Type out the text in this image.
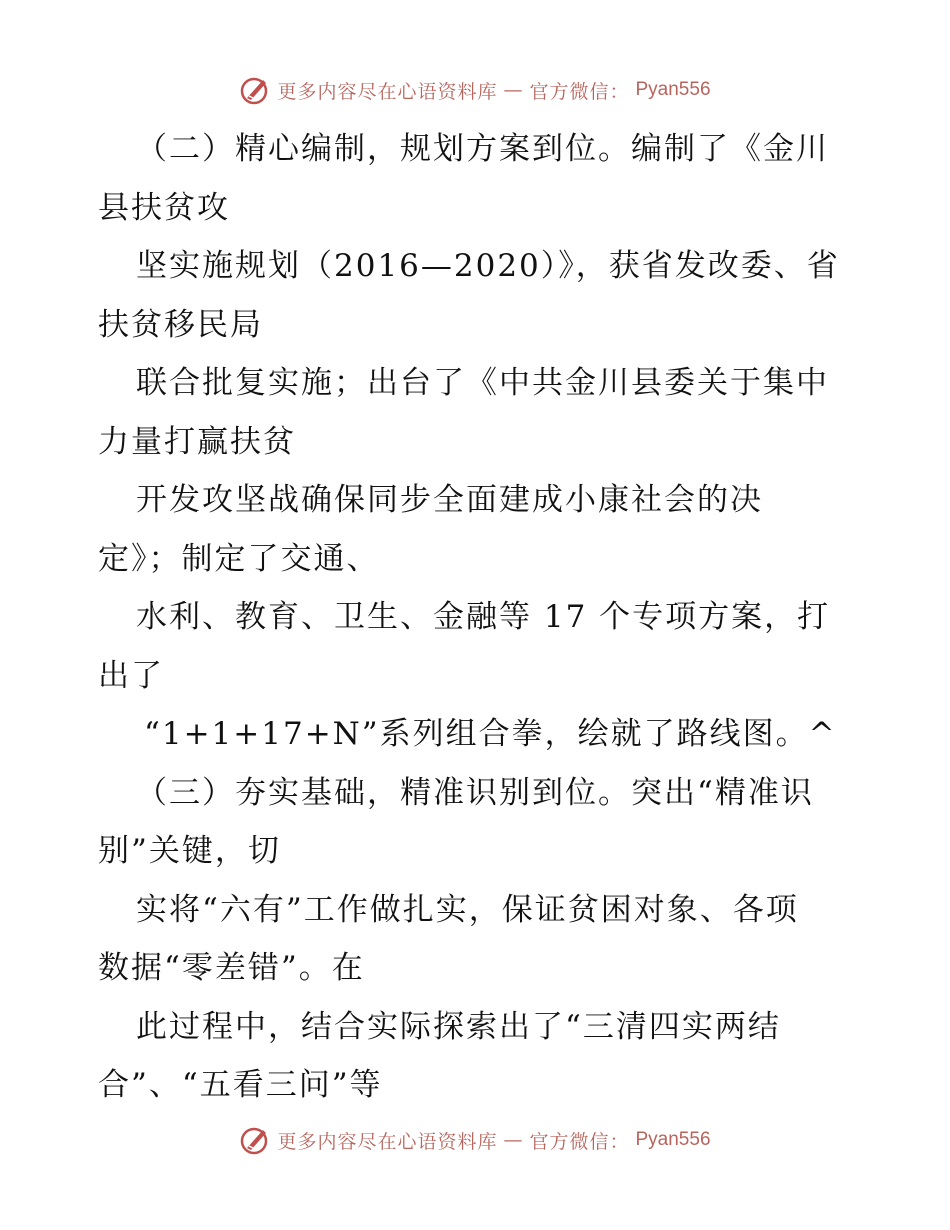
更多内容尽在心语资料库 — 官方微信： Pyan556
（二）精心编制，规划方案到位。编制了《金川
县扶贫攻
坚实施规划（2016—2020）》，获省发改委、省
扶贫移民局
联合批复实施；出台了《中共金川县委关于集中
力量打赢扶贫
开发攻坚战确保同步全面建成小康社会的决
定》；制定了交通、
水利、教育、卫生、金融等 17 个专项方案，打
出了
“1+1+17+N”系列组合拳，绘就了路线图。^
（三）夯实基础，精准识别到位。突出“精准识
别”关键，切
实将“六有”工作做扎实，保证贫困对象、各项
数据“零差错”。在
此过程中，结合实际探索出了“三清四实两结
合”、“五看三问”等
更多内容尽在心语资料库 — 官方微信： Pyan556
